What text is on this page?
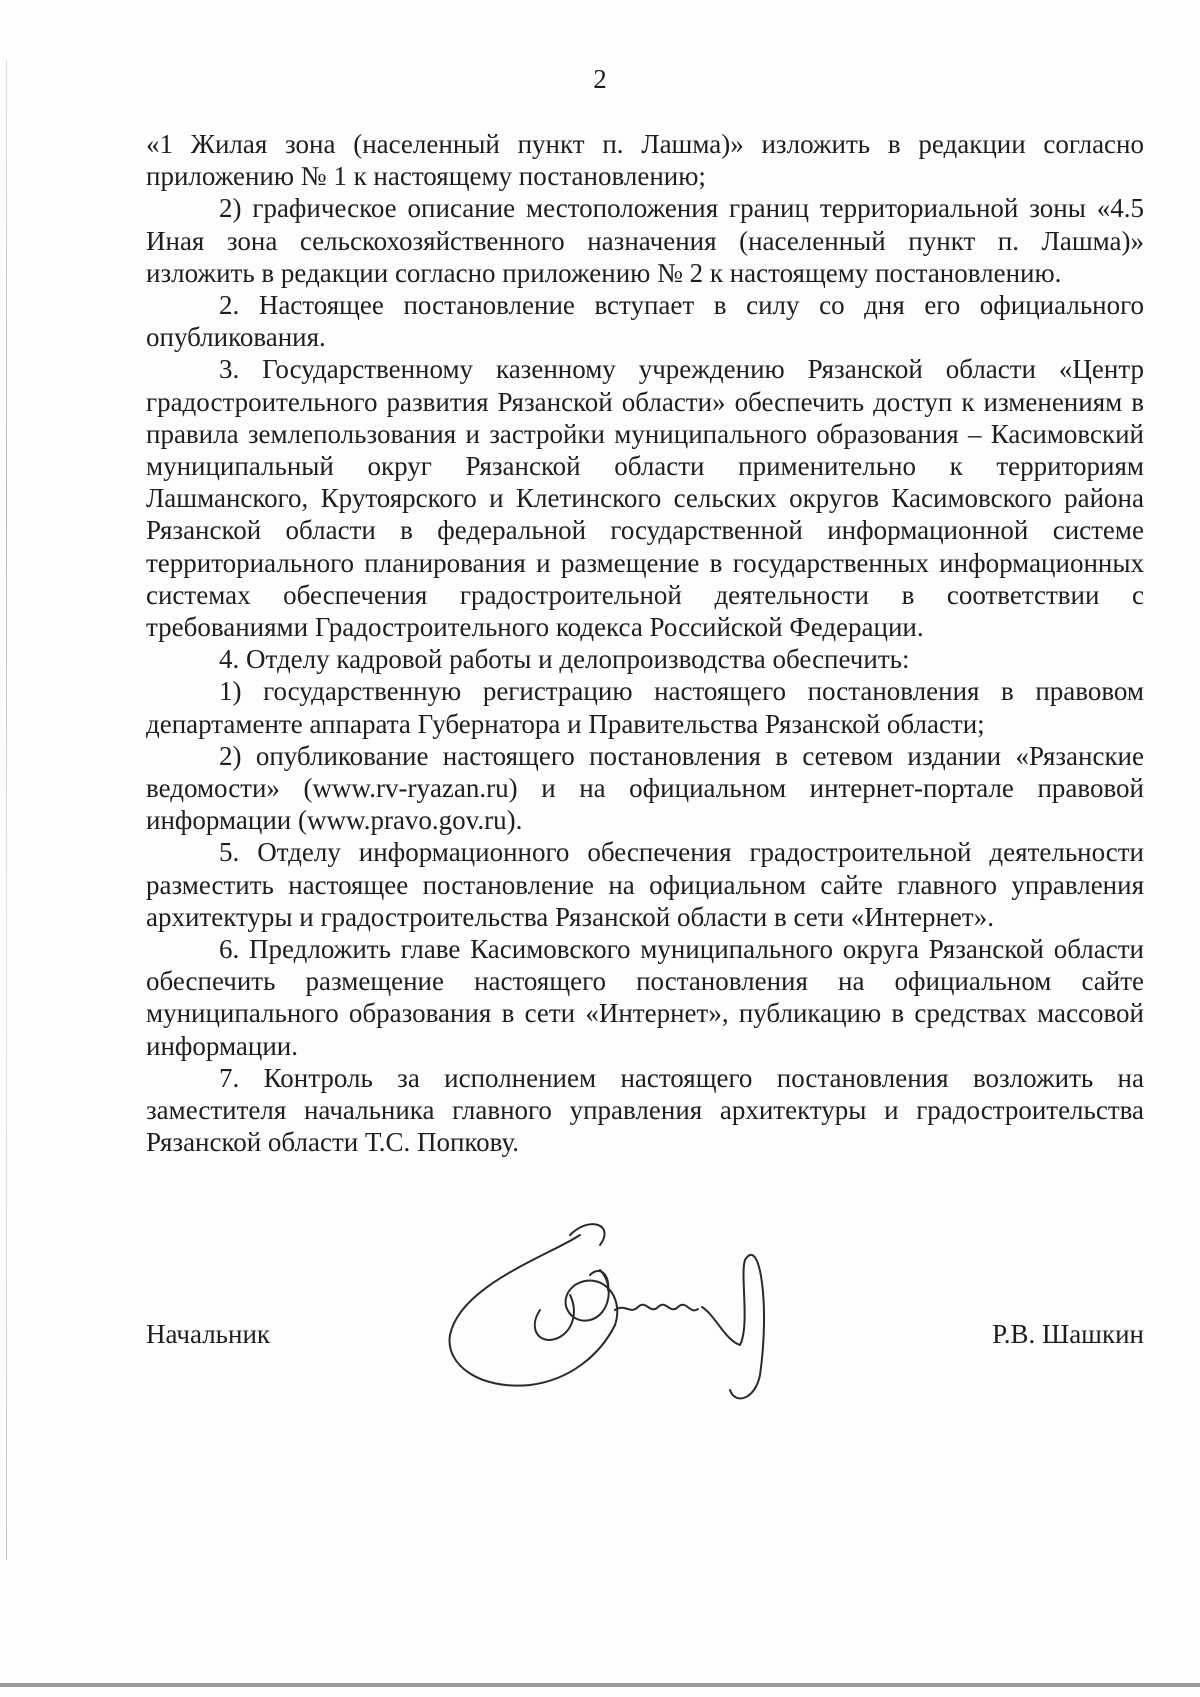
2

«1 Жилая зона (населенный пункт п. Лашма)» изложить в редакции согласно приложению № 1 к настоящему постановлению;

2) графическое описание местоположения границ территориальной зоны «4.5 Иная зона сельскохозяйственного назначения (населенный пункт п. Лашма)» изложить в редакции согласно приложению № 2 к настоящему постановлению.

2. Настоящее постановление вступает в силу со дня его официального опубликования.

3. Государственному казенному учреждению Рязанской области «Центр градостроительного развития Рязанской области» обеспечить доступ к изменениям в правила землепользования и застройки муниципального образования – Касимовский муниципальный округ Рязанской области применительно к территориям Лашманского, Крутоярского и Клетинского сельских округов Касимовского района Рязанской области в федеральной государственной информационной системе территориального планирования и размещение в государственных информационных системах обеспечения градостроительной деятельности в соответствии с требованиями Градостроительного кодекса Российской Федерации.

4. Отделу кадровой работы и делопроизводства обеспечить:

1) государственную регистрацию настоящего постановления в правовом департаменте аппарата Губернатора и Правительства Рязанской области;

2) опубликование настоящего постановления в сетевом издании «Рязанские ведомости» (www.rv-ryazan.ru) и на официальном интернет-портале правовой информации (www.pravo.gov.ru).

5. Отделу информационного обеспечения градостроительной деятельности разместить настоящее постановление на официальном сайте главного управления архитектуры и градостроительства Рязанской области в сети «Интернет».

6. Предложить главе Касимовского муниципального округа Рязанской области обеспечить размещение настоящего постановления на официальном сайте муниципального образования в сети «Интернет», публикацию в средствах массовой информации.

7. Контроль за исполнением настоящего постановления возложить на заместителя начальника главного управления архитектуры и градостроительства Рязанской области Т.С. Попкову.

Начальник	Р.В. Шашкин
